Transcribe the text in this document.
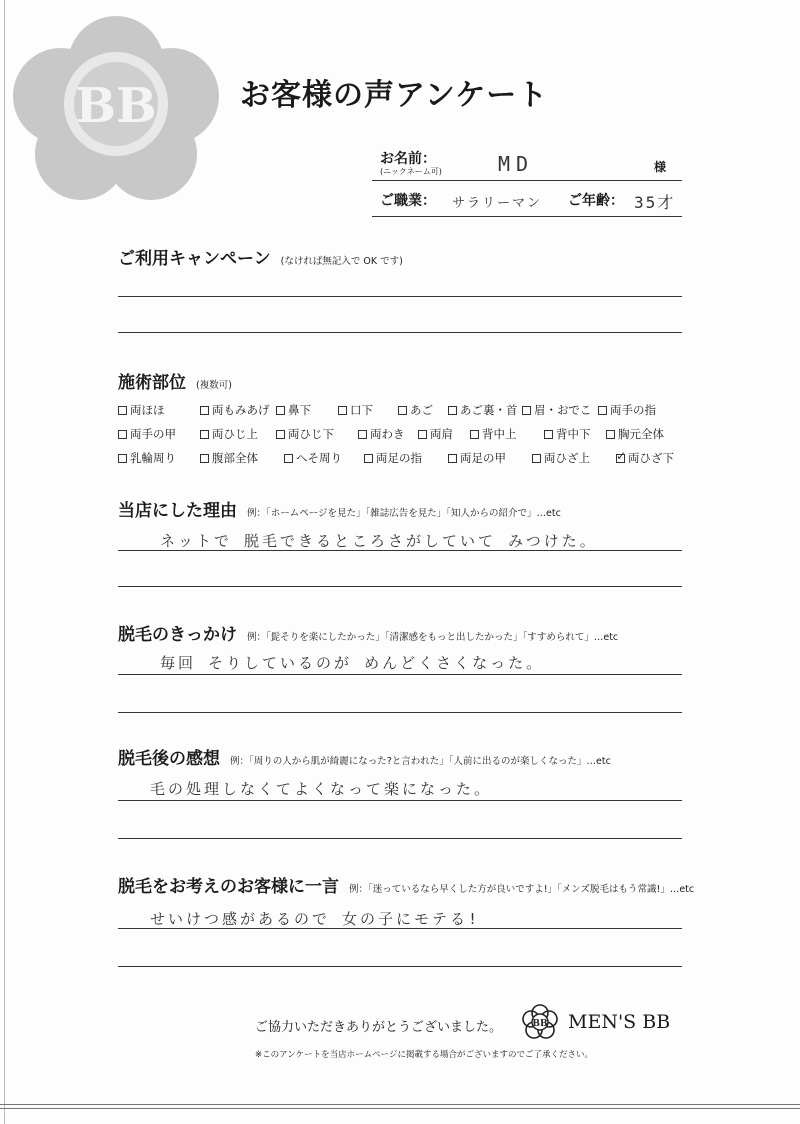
BB	お客様の声アンケート
お名前：
(ニックネーム可)	MD	様
ご職業： サラリーマン ご年齢： 35才
ご利用キャンペーン (なければ無記入で OK です)
施術部位 (複数可)
両ほほ	両もみあげ 鼻下	口下	あご あご裏・首 眉・おでこ 両手の指
両手の甲	両ひじ上	両ひじ下	両わき 両肩	背中上	背中下 胸元全体
乳輪周り	腹部全体	へそ周り	両足の指	両足の甲	両ひざ上
✓	両ひざ下
当店にした理由 例：「ホームページを見た」「雑誌広告を見た」「知人からの紹介で」…etc
ネットで 脱毛できるところさがしていて みつけた。
脱毛のきっかけ 例：「髭そりを楽にしたかった」「清潔感をもっと出したかった」「すすめられて」…etc
毎回 そりしているのが めんどくさくなった。
脱毛後の感想 例：「周りの人から肌が綺麗になった?と言われた」「人前に出るのが楽しくなった」…etc
毛の処理しなくてよくなって楽になった。
脱毛をお考えのお客様に一言 例：「迷っているなら早くした方が良いですよ!」「メンズ脱毛はもう常識!」…etc
せいけつ感があるので 女の子にモテる!
ご協力いただきありがとうございました。	BB MEN'S BB
※このアンケートを当店ホームページに掲載する場合がございますのでご了承ください。
